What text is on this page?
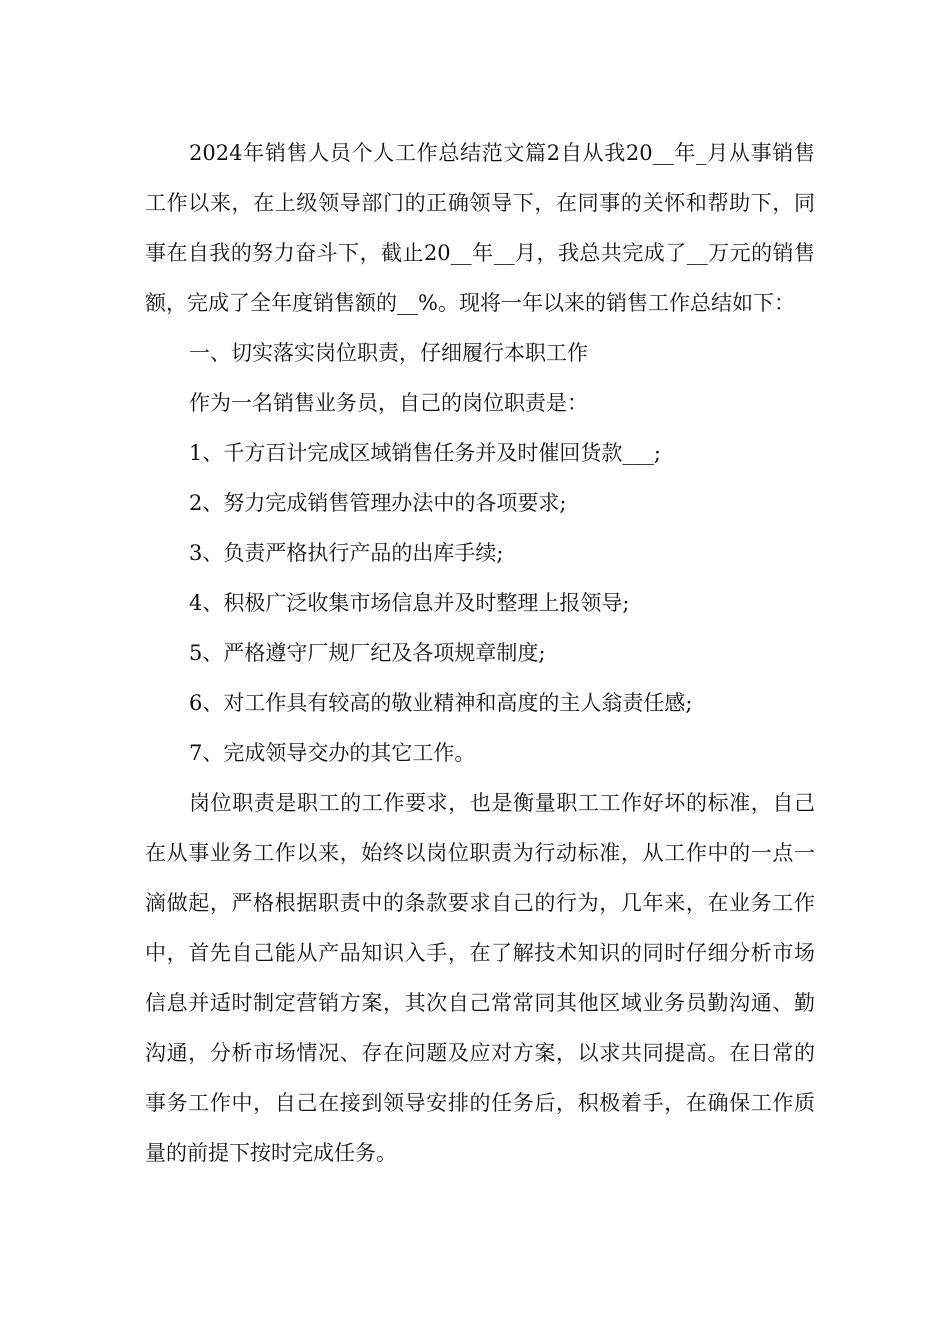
2024年销售人员个人工作总结范文篇2自从我20__年_月从事销售工作以来，在上级领导部门的正确领导下，在同事的关怀和帮助下，同事在自我的努力奋斗下，截止20__年__月，我总共完成了__万元的销售额，完成了全年度销售额的__%。现将一年以来的销售工作总结如下：

一、切实落实岗位职责，仔细履行本职工作

作为一名销售业务员，自己的岗位职责是：

1、千方百计完成区域销售任务并及时催回货款___;

2、努力完成销售管理办法中的各项要求;

3、负责严格执行产品的出库手续;

4、积极广泛收集市场信息并及时整理上报领导;

5、严格遵守厂规厂纪及各项规章制度;

6、对工作具有较高的敬业精神和高度的主人翁责任感;

7、完成领导交办的其它工作。

岗位职责是职工的工作要求，也是衡量职工工作好坏的标准，自己在从事业务工作以来，始终以岗位职责为行动标准，从工作中的一点一滴做起，严格根据职责中的条款要求自己的行为，几年来，在业务工作中，首先自己能从产品知识入手，在了解技术知识的同时仔细分析市场信息并适时制定营销方案，其次自己常常同其他区域业务员勤沟通、勤沟通，分析市场情况、存在问题及应对方案，以求共同提高。在日常的事务工作中，自己在接到领导安排的任务后，积极着手，在确保工作质量的前提下按时完成任务。
